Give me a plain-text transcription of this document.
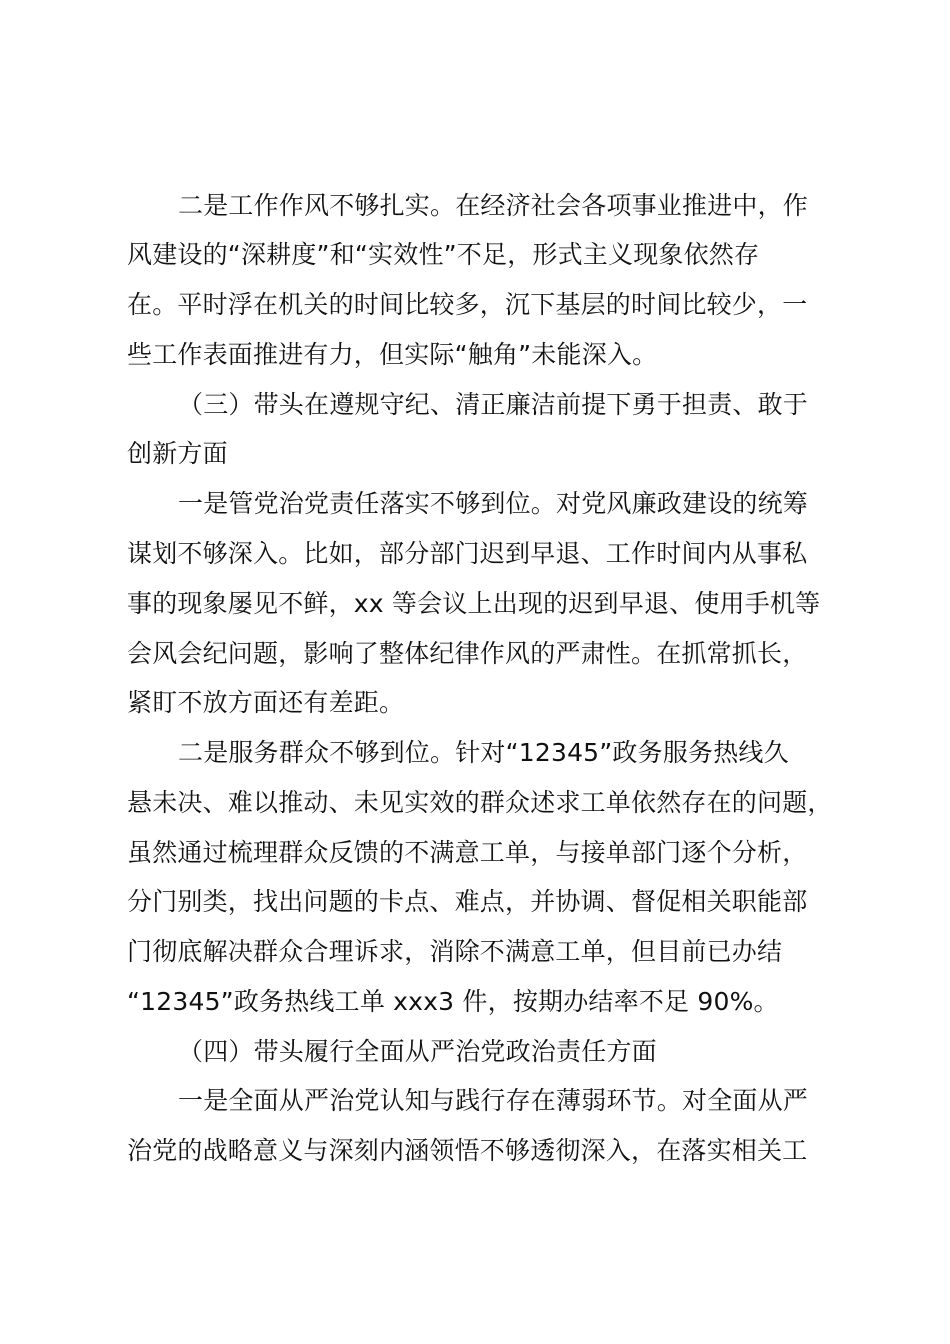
二是工作作风不够扎实。在经济社会各项事业推进中，作
风建设的“深耕度”和“实效性”不足，形式主义现象依然存
在。平时浮在机关的时间比较多，沉下基层的时间比较少，一
些工作表面推进有力，但实际“触角”未能深入。
（三）带头在遵规守纪、清正廉洁前提下勇于担责、敢于
创新方面
一是管党治党责任落实不够到位。对党风廉政建设的统筹
谋划不够深入。比如，部分部门迟到早退、工作时间内从事私
事的现象屡见不鲜，xx 等会议上出现的迟到早退、使用手机等
会风会纪问题，影响了整体纪律作风的严肃性。在抓常抓长，
紧盯不放方面还有差距。
二是服务群众不够到位。针对“12345”政务服务热线久
悬未决、难以推动、未见实效的群众述求工单依然存在的问题，
虽然通过梳理群众反馈的不满意工单，与接单部门逐个分析，
分门别类，找出问题的卡点、难点，并协调、督促相关职能部
门彻底解决群众合理诉求，消除不满意工单，但目前已办结
“12345”政务热线工单 xxx3 件，按期办结率不足 90%。
（四）带头履行全面从严治党政治责任方面
一是全面从严治党认知与践行存在薄弱环节。对全面从严
治党的战略意义与深刻内涵领悟不够透彻深入，在落实相关工
